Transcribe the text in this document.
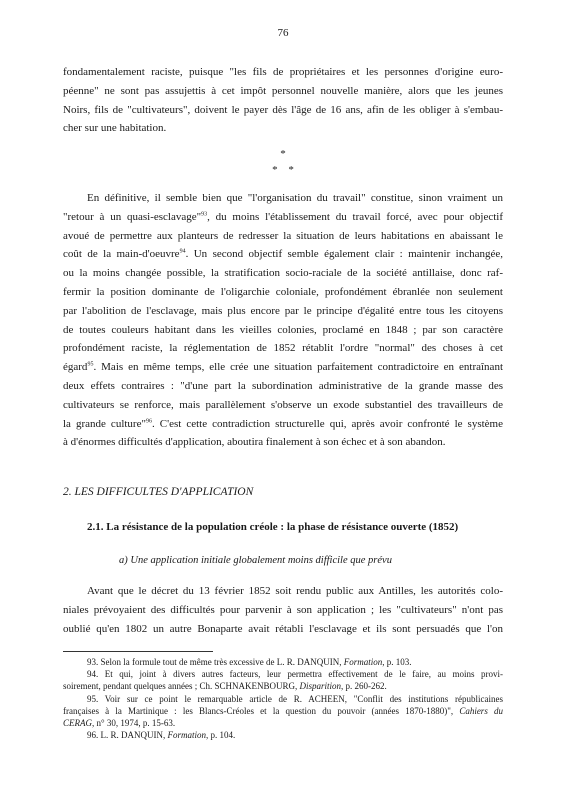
76
fondamentalement raciste, puisque "les fils de propriétaires et les personnes d'origine euro-
péenne" ne sont pas assujettis à cet impôt personnel nouvelle manière, alors que les jeunes
Noirs, fils de "cultivateurs", doivent le payer dès l'âge de 16 ans, afin de les obliger à s'embau-
cher sur une habitation.
*
* *
En définitive, il semble bien que "l'organisation du travail" constitue, sinon vraiment un
"retour à un quasi-esclavage"$^{93}$, du moins l'établissement du travail forcé, avec pour objectif
avoué de permettre aux planteurs de redresser la situation de leurs habitations en abaissant le
coût de la main-d'oeuvre$^{94}$. Un second objectif semble également clair : maintenir inchangée,
ou la moins changée possible, la stratification socio-raciale de la société antillaise, donc raf-
fermir la position dominante de l'oligarchie coloniale, profondément ébranlée non seulement
par l'abolition de l'esclavage, mais plus encore par le principe d'égalité entre tous les citoyens
de toutes couleurs habitant dans les vieilles colonies, proclamé en 1848 ; par son caractère
profondément raciste, la réglementation de 1852 rétablit l'ordre "normal" des choses à cet
égard$^{95}$. Mais en même temps, elle crée une situation parfaitement contradictoire en entraînant
deux effets contraires : "d'une part la subordination administrative de la grande masse des
cultivateurs se renforce, mais parallèlement s'observe un exode substantiel des travailleurs de
la grande culture"$^{96}$. C'est cette contradiction structurelle qui, après avoir confronté le système
à d'énormes difficultés d'application, aboutira finalement à son échec et à son abandon.
2. LES DIFFICULTES D'APPLICATION
2.1. La résistance de la population créole : la phase de résistance ouverte (1852)
a) Une application initiale globalement moins difficile que prévu
Avant que le décret du 13 février 1852 soit rendu public aux Antilles, les autorités colo-
niales prévoyaient des difficultés pour parvenir à son application ; les "cultivateurs" n'ont pas
oublié qu'en 1802 un autre Bonaparte avait rétabli l'esclavage et ils sont persuadés que l'on
93. Selon la formule tout de même très excessive de L. R. DANQUIN, Formation, p. 103.
94. Et qui, joint à divers autres facteurs, leur permettra effectivement de le faire, au moins provi-
soirement, pendant quelques années ; Ch. SCHNAKENBOURG, Disparition, p. 260-262.
95. Voir sur ce point le remarquable article de R. ACHEEN, "Conflit des institutions républicaines
françaises à la Martinique : les Blancs-Créoles et la question du pouvoir (années 1870-1880)", Cahiers du
CERAG, n° 30, 1974, p. 15-63.
96. L. R. DANQUIN, Formation, p. 104.
